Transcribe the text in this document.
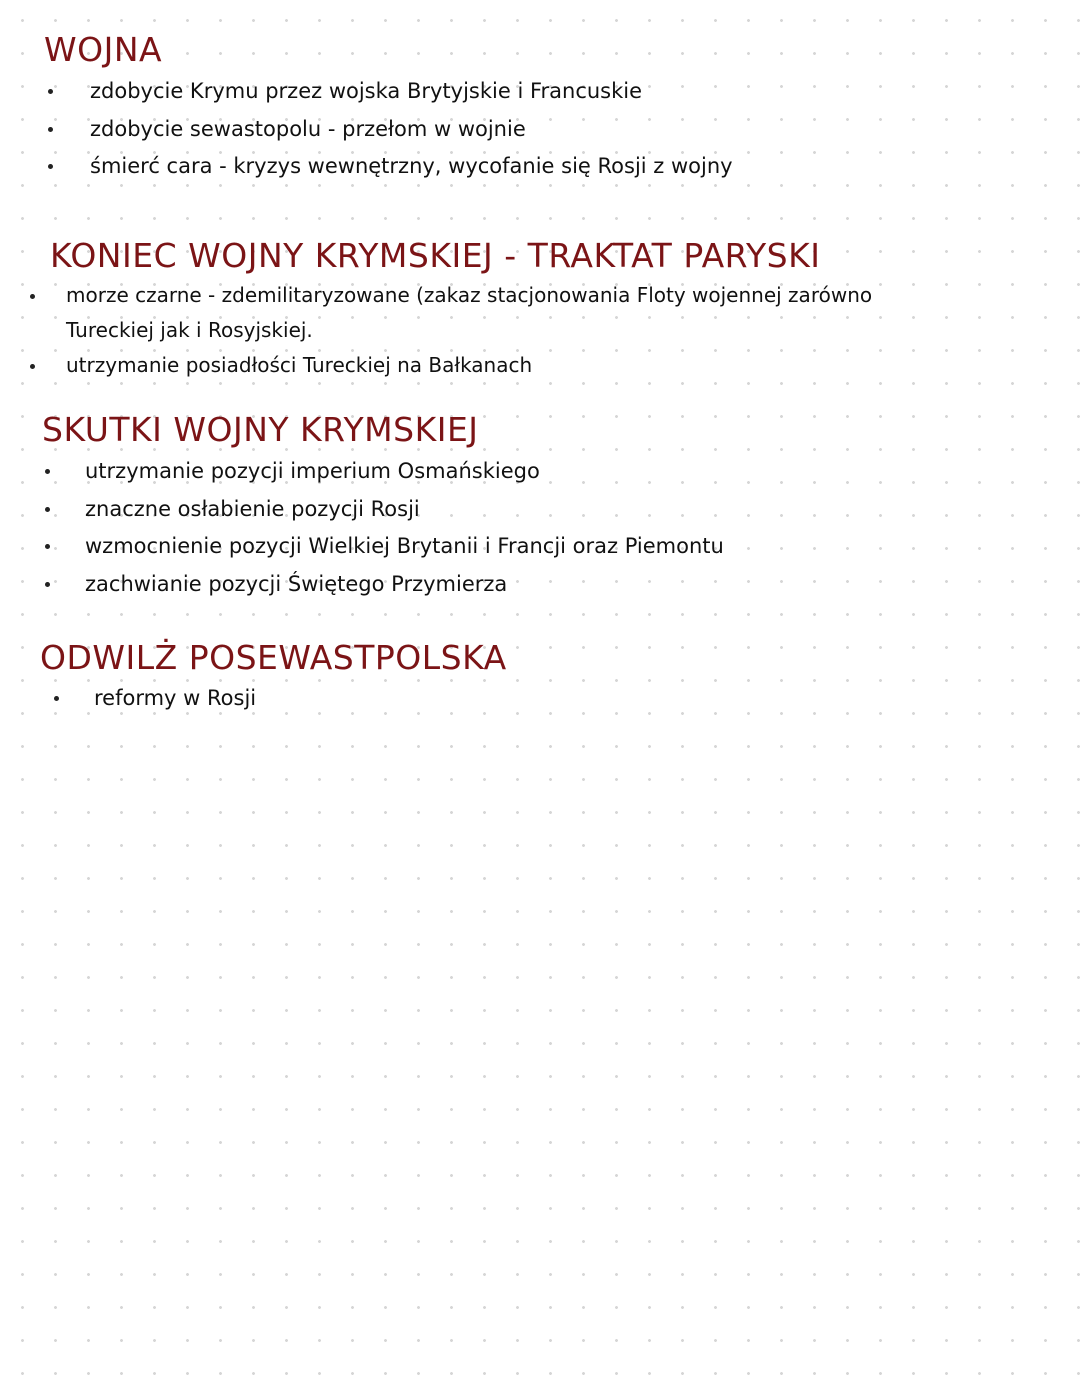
WOJNA
zdobycie Krymu przez wojska Brytyjskie i Francuskie
zdobycie sewastopolu - przełom w wojnie
śmierć cara - kryzys wewnętrzny, wycofanie się Rosji z wojny
KONIEC WOJNY KRYMSKIEJ - TRAKTAT PARYSKI
morze czarne - zdemilitaryzowane (zakaz stacjonowania Floty wojennej zarówno Tureckiej jak i Rosyjskiej.
utrzymanie posiadłości Tureckiej na Bałkanach
SKUTKI WOJNY KRYMSKIEJ
utrzymanie pozycji imperium Osmańskiego
znaczne osłabienie pozycji Rosji
wzmocnienie pozycji Wielkiej Brytanii i Francji oraz Piemontu
zachwianie pozycji Świętego Przymierza
ODWILŻ POSEWASTPOLSKA
reformy w Rosji
